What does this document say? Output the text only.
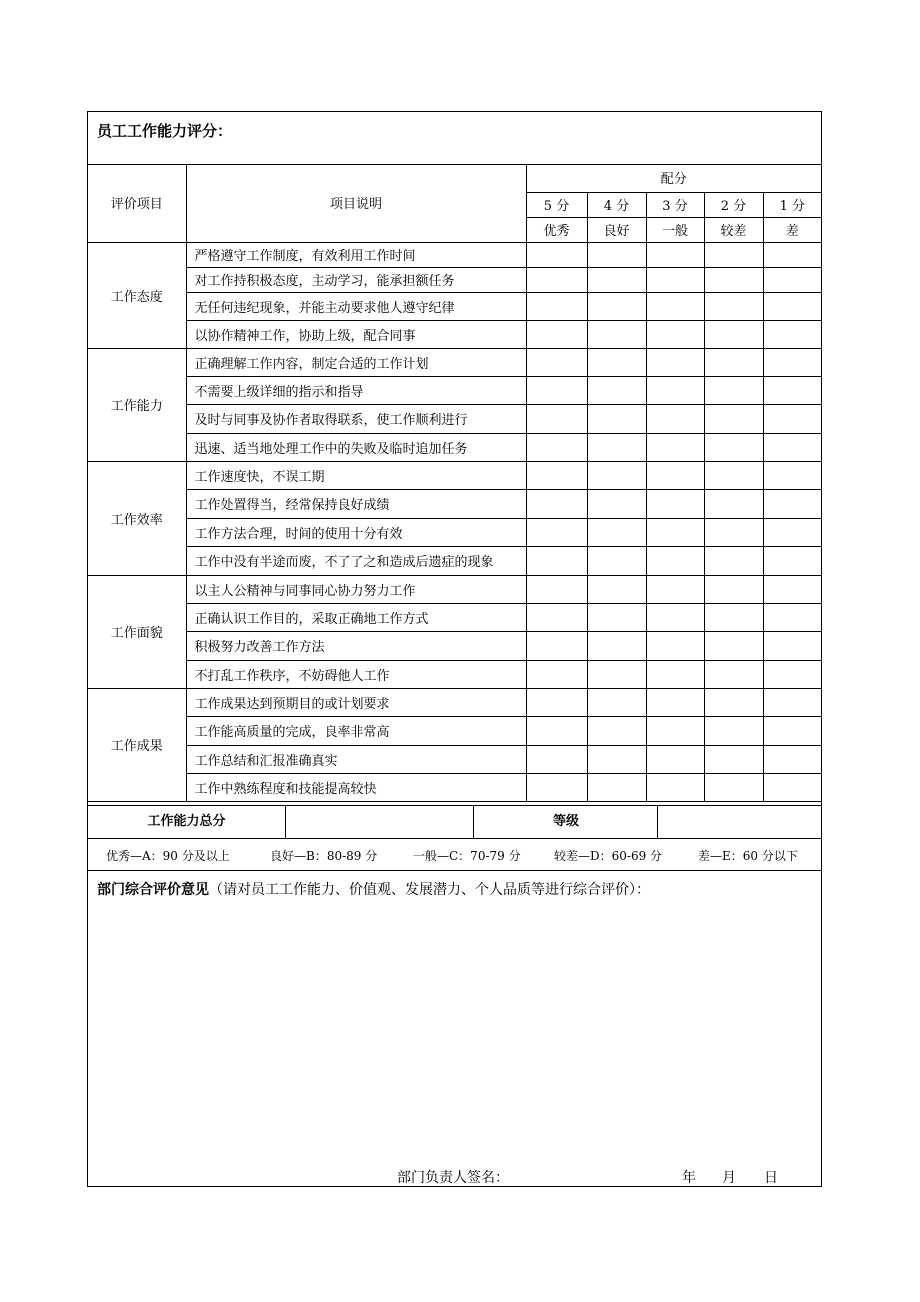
员工工作能力评分：
评价项目	项目说明	配分				
		5 分	4 分	3 分	2 分	1 分
		优秀	良好	一般	较差	差
工作态度	严格遵守工作制度，有效利用工作时间					
	对工作持积极态度，主动学习，能承担额任务					
	无任何违纪现象，并能主动要求他人遵守纪律					
	以协作精神工作，协助上级，配合同事					
工作能力	正确理解工作内容，制定合适的工作计划					
	不需要上级详细的指示和指导					
	及时与同事及协作者取得联系，使工作顺利进行					
	迅速、适当地处理工作中的失败及临时追加任务					
工作效率	工作速度快，不误工期					
	工作处置得当，经常保持良好成绩					
	工作方法合理，时间的使用十分有效					
	工作中没有半途而废，不了了之和造成后遗症的现象					
工作面貌	以主人公精神与同事同心协力努力工作					
	正确认识工作目的，采取正确地工作方式					
	积极努力改善工作方法					
	不打乱工作秩序，不妨碍他人工作					
工作成果	工作成果达到预期目的或计划要求					
	工作能高质量的完成，良率非常高					
	工作总结和汇报准确真实					
	工作中熟练程度和技能提高较快					
工作能力总分	等级
优秀—A：90 分及以上	良好—B：80-89 分	一般—C：70-79 分	较差—D：60-69 分	差—E：60 分以下
部门综合评价意见（请对员工工作能力、价值观、发展潜力、个人品质等进行综合评价）：
部门负责人签名：	年 月 日
